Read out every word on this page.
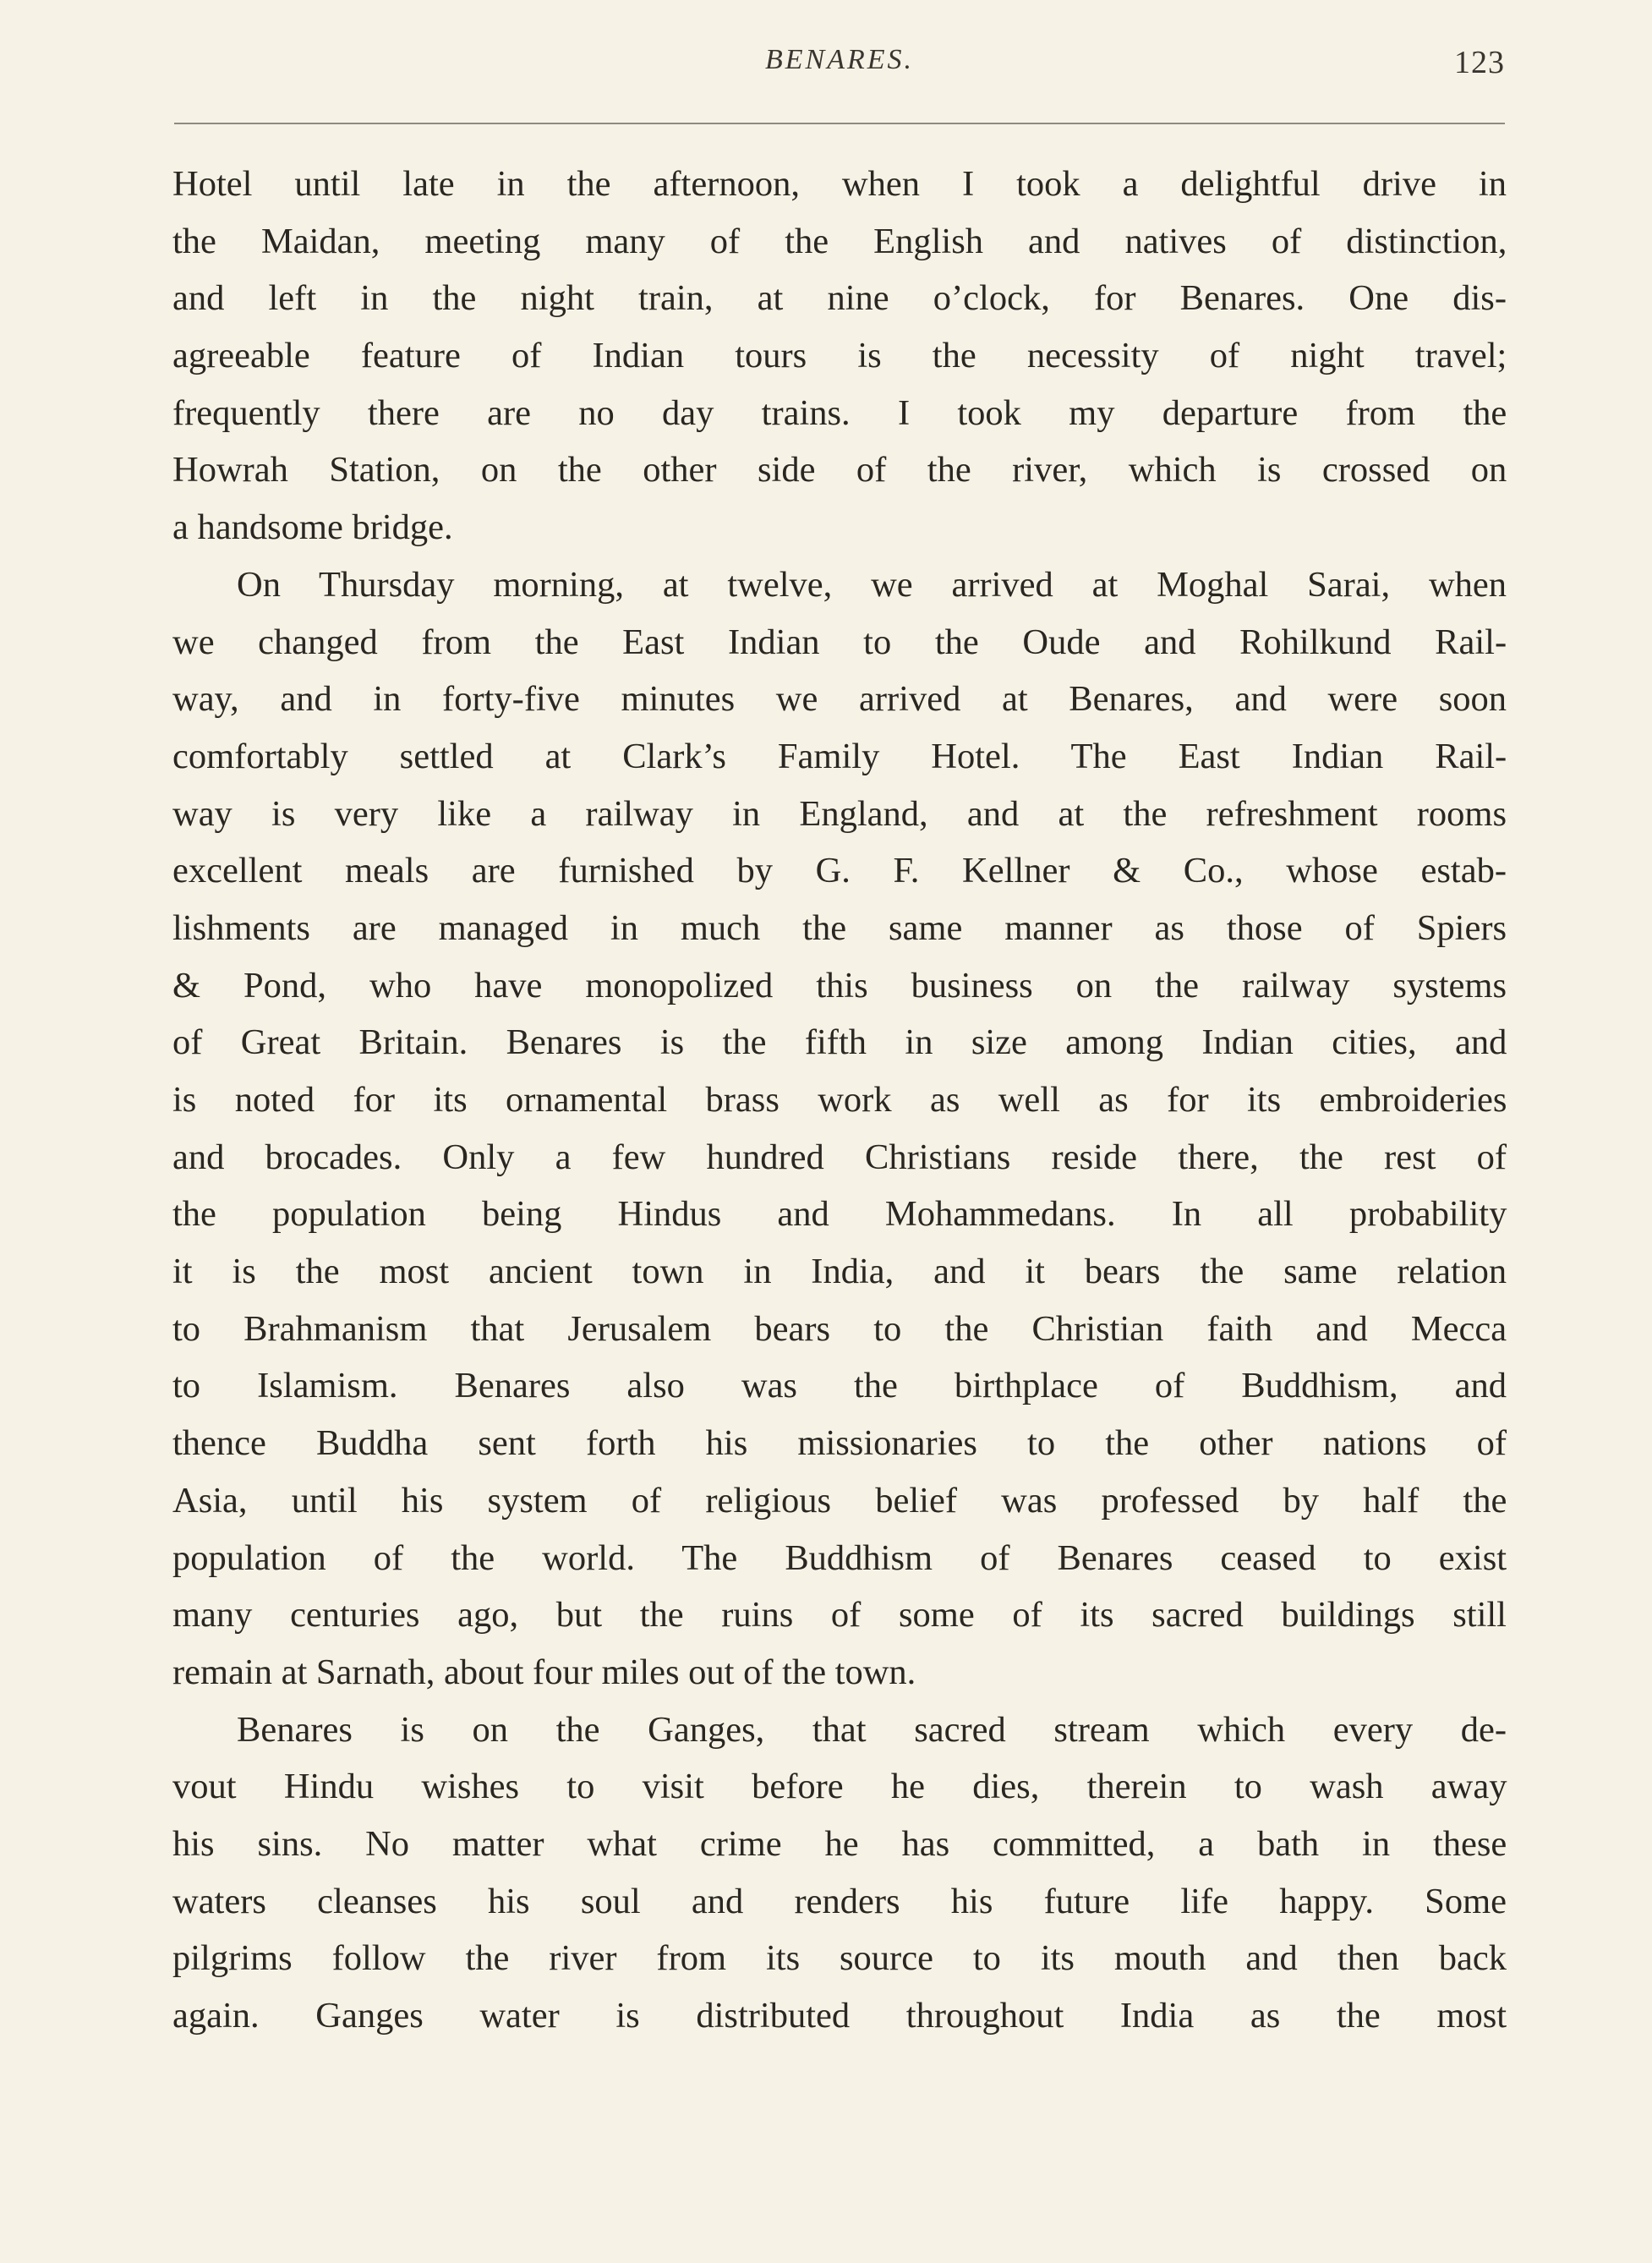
BENARES.	123
Hotel until late in the afternoon, when I took a delightful drive in
the Maidan, meeting many of the English and natives of distinction,
and left in the night train, at nine o’clock, for Benares. One dis-
agreeable feature of Indian tours is the necessity of night travel;
frequently there are no day trains. I took my departure from the
Howrah Station, on the other side of the river, which is crossed on
a handsome bridge.
On Thursday morning, at twelve, we arrived at Moghal Sarai, when
we changed from the East Indian to the Oude and Rohilkund Rail-
way, and in forty-five minutes we arrived at Benares, and were soon
comfortably settled at Clark’s Family Hotel. The East Indian Rail-
way is very like a railway in England, and at the refreshment rooms
excellent meals are furnished by G. F. Kellner & Co., whose estab-
lishments are managed in much the same manner as those of Spiers
& Pond, who have monopolized this business on the railway systems
of Great Britain. Benares is the fifth in size among Indian cities, and
is noted for its ornamental brass work as well as for its embroideries
and brocades. Only a few hundred Christians reside there, the rest of
the population being Hindus and Mohammedans. In all probability
it is the most ancient town in India, and it bears the same relation
to Brahmanism that Jerusalem bears to the Christian faith and Mecca
to Islamism. Benares also was the birthplace of Buddhism, and
thence Buddha sent forth his missionaries to the other nations of
Asia, until his system of religious belief was professed by half the
population of the world. The Buddhism of Benares ceased to exist
many centuries ago, but the ruins of some of its sacred buildings still
remain at Sarnath, about four miles out of the town.
Benares is on the Ganges, that sacred stream which every de-
vout Hindu wishes to visit before he dies, therein to wash away
his sins. No matter what crime he has committed, a bath in these
waters cleanses his soul and renders his future life happy. Some
pilgrims follow the river from its source to its mouth and then back
again. Ganges water is distributed throughout India as the most
